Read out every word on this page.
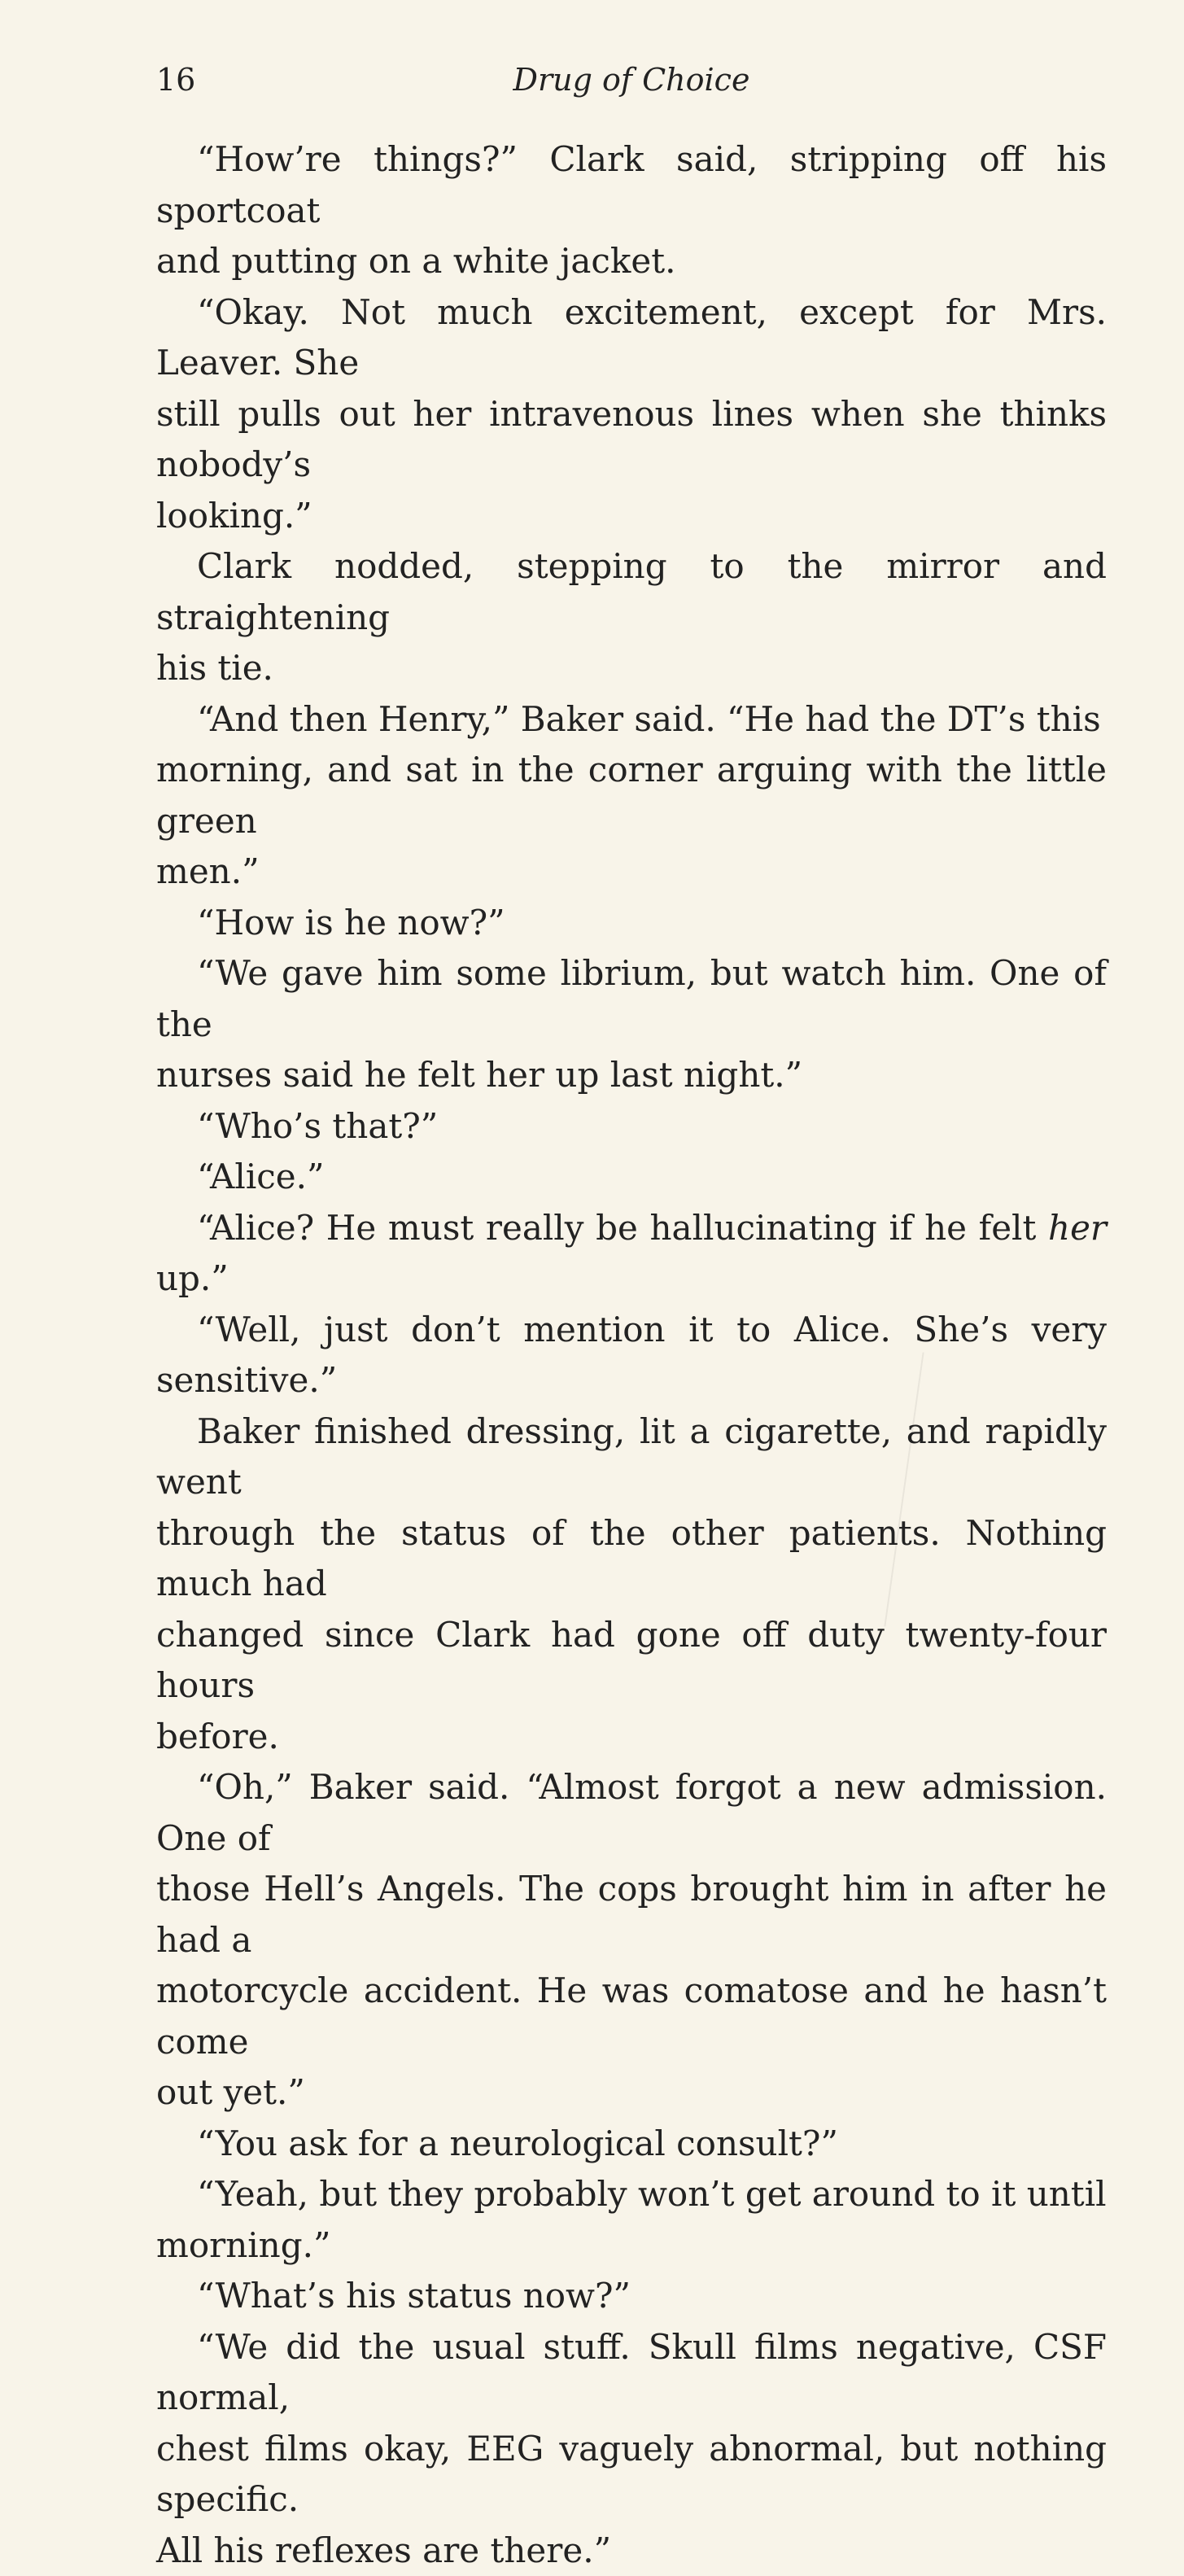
16	Drug of Choice

“How’re things?” Clark said, stripping off his sportcoat
and putting on a white jacket.

“Okay. Not much excitement, except for Mrs. Leaver. She
still pulls out her intravenous lines when she thinks nobody’s
looking.”

Clark nodded, stepping to the mirror and straightening
his tie.

“And then Henry,” Baker said. “He had the DT’s this
morning, and sat in the corner arguing with the little green
men.”

“How is he now?”

“We gave him some librium, but watch him. One of the
nurses said he felt her up last night.”

“Who’s that?”

“Alice.”

“Alice? He must really be hallucinating if he felt her up.”

“Well, just don’t mention it to Alice. She’s very sensitive.”

Baker finished dressing, lit a cigarette, and rapidly went
through the status of the other patients. Nothing much had
changed since Clark had gone off duty twenty-four hours
before.

“Oh,” Baker said. “Almost forgot a new admission. One of
those Hell’s Angels. The cops brought him in after he had a
motorcycle accident. He was comatose and he hasn’t come
out yet.”

“You ask for a neurological consult?”

“Yeah, but they probably won’t get around to it until
morning.”

“What’s his status now?”

“We did the usual stuff. Skull films negative, CSF normal,
chest films okay, EEG vaguely abnormal, but nothing specific.
All his reflexes are there.”
